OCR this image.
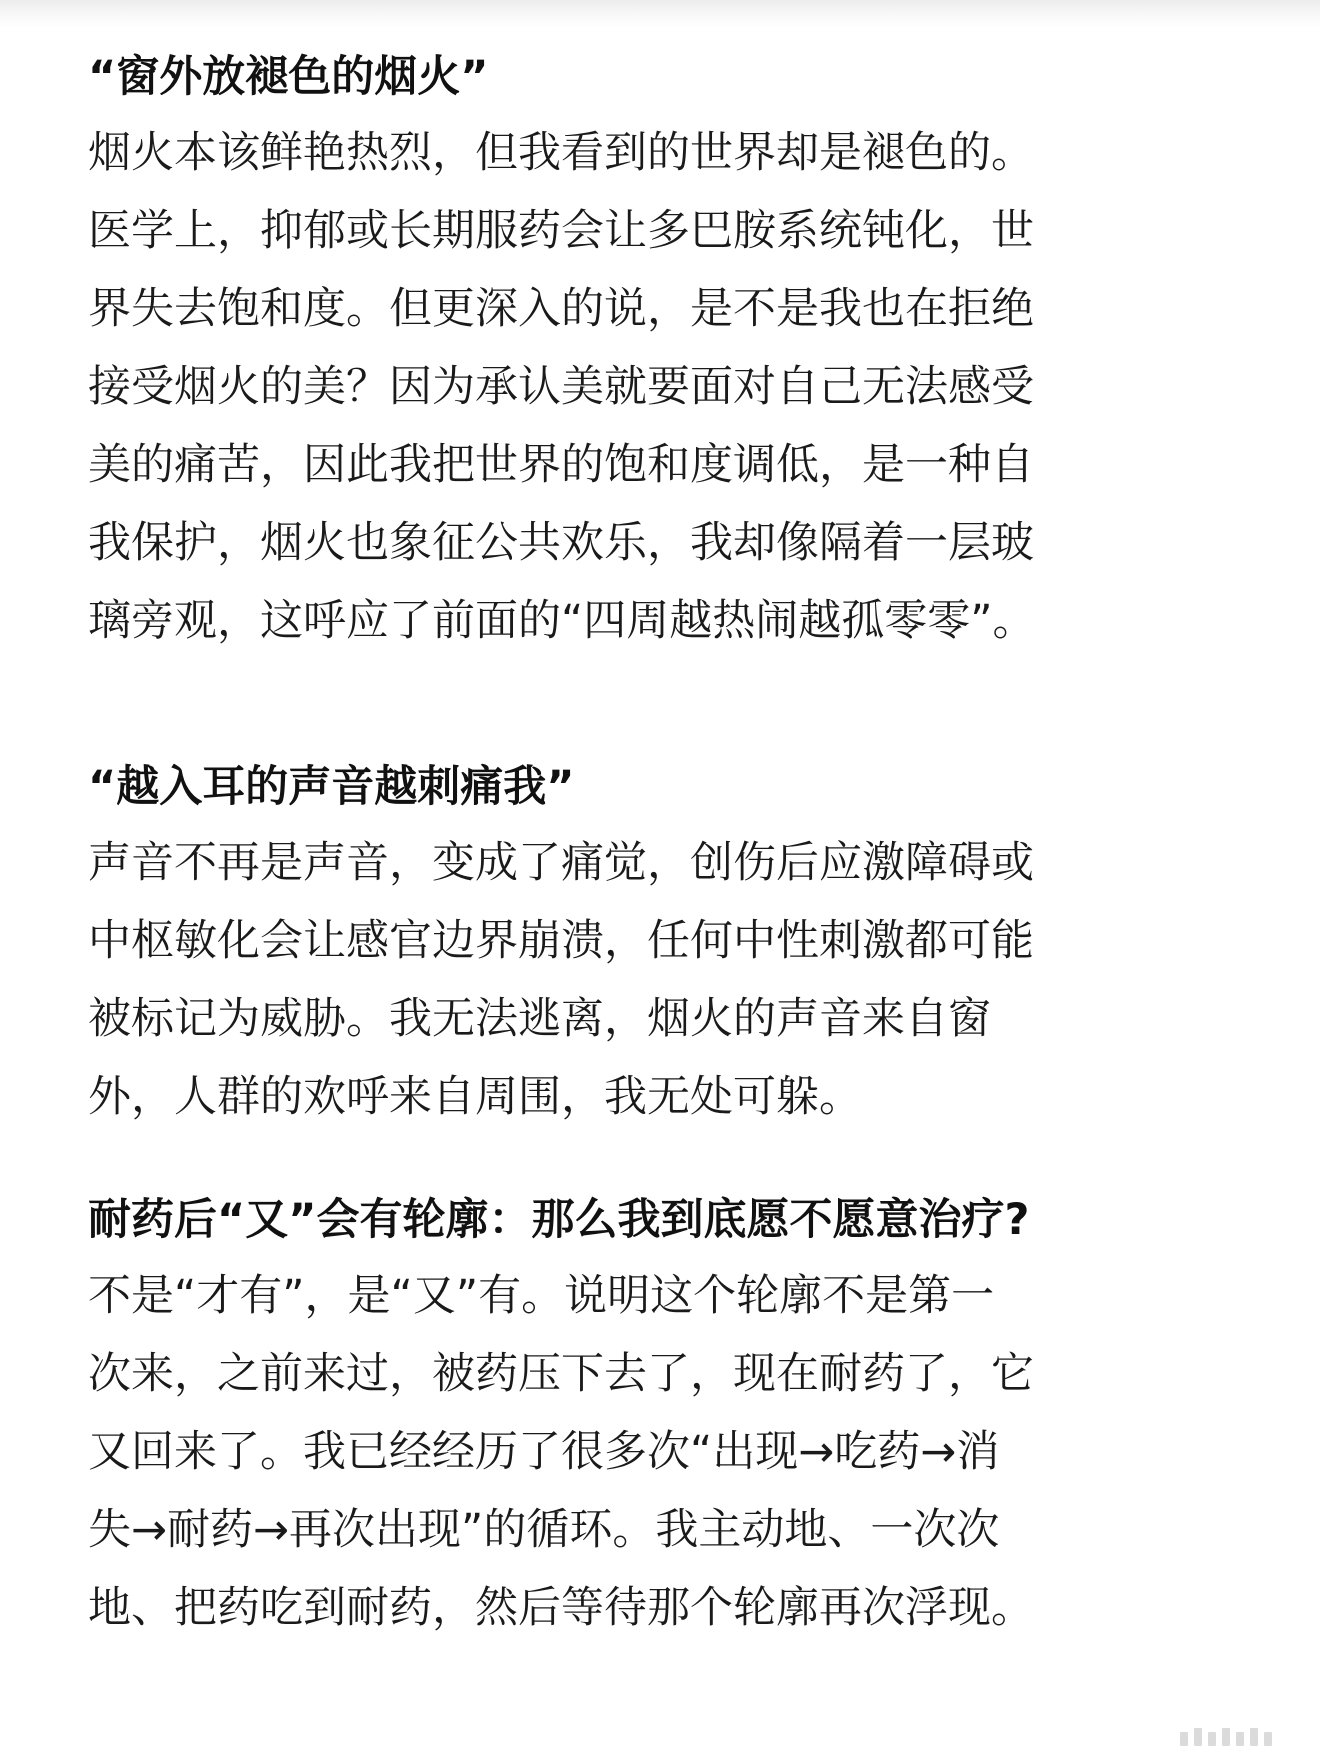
“窗外放褪色的烟火”

烟火本该鲜艳热烈，但我看到的世界却是褪色的。

医学上，抑郁或长期服药会让多巴胺系统钝化，世

界失去饱和度。但更深入的说，是不是我也在拒绝

接受烟火的美？因为承认美就要面对自己无法感受

美的痛苦，因此我把世界的饱和度调低，是一种自

我保护，烟火也象征公共欢乐，我却像隔着一层玻

璃旁观，这呼应了前面的“四周越热闹越孤零零”。

“越入耳的声音越刺痛我”

声音不再是声音，变成了痛觉，创伤后应激障碍或

中枢敏化会让感官边界崩溃，任何中性刺激都可能

被标记为威胁。我无法逃离，烟火的声音来自窗

外，人群的欢呼来自周围，我无处可躲。

耐药后“又”会有轮廓：那么我到底愿不愿意治疗?

不是“才有”，是“又”有。说明这个轮廓不是第一

次来，之前来过，被药压下去了，现在耐药了，它

又回来了。我已经经历了很多次“出现→吃药→消

失→耐药→再次出现”的循环。我主动地、一次次

地、把药吃到耐药，然后等待那个轮廓再次浮现。
